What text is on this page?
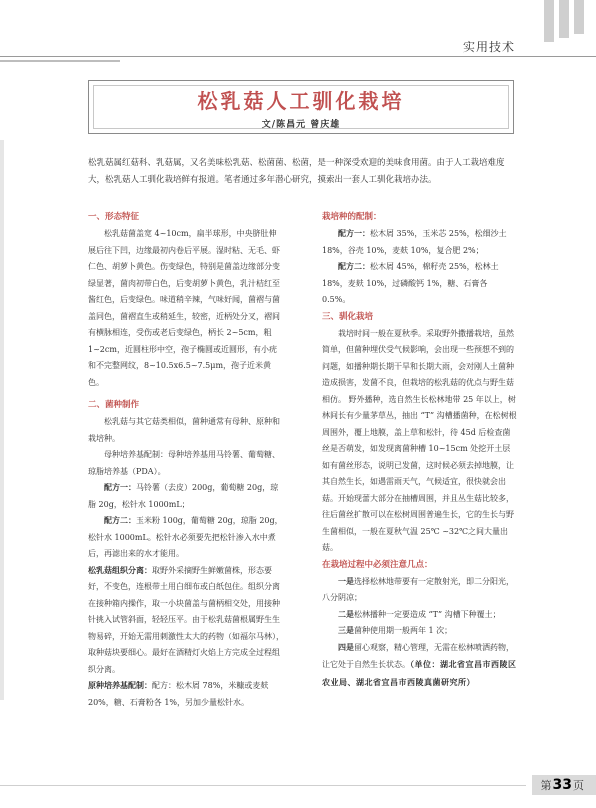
实用技术
松乳菇人工驯化栽培
文/陈昌元 曾庆雄
松乳菇属红菇科、乳菇属，又名美味松乳菇、松菌菌、松菌，是一种深受欢迎的美味食用菌。由于人工栽培难度大，松乳菇人工驯化栽培鲜有报道。笔者通过多年潜心研究，摸索出一套人工驯化栽培办法。

一、形态特征

松乳菇菌盖宽 4~10cm，扁半球形，中央脐肚伸展后往下凹，边缘最初内卷后平展。湿时粘、无毛、虾仁色、胡萝卜黄色。伤变绿色，特别是菌盖边缘部分变绿显著，菌肉初带白色，后变胡萝卜黄色，乳汁桔红至酱红色，后变绿色。味道稍辛辣，气味好闻，菌褶与菌盖同色，菌褶直生或稍延生，较密，近柄处分叉，褶间有横脉相连，受伤或老后变绿色，柄长 2~5cm，粗 1~2cm，近圆柱形中空，孢子椭圆或近圆形，有小疣和不完整网纹，8~10.5x6.5~7.5μm，孢子近米黄色。

二、菌种制作

松乳菇与其它菇类相似，菌种通常有母种、原种和栽培种。

母种培养基配制：母种培养基用马铃薯、葡萄糖、琼脂培养基（PDA）。

配方一：马铃薯（去皮）200g，葡萄糖 20g，琼脂 20g，松针水 1000mL；

配方二：玉米粉 100g，葡萄糖 20g，琼脂 20g，松针水 1000mL。松针水必须要先把松针渗入水中煮后，再滤出来的水才能用。

松乳菇组织分离：取野外采摘野生鲜嫩菌株，形态要好，不变色，连根带土用白细布或白纸包住。组织分离在接种箱内操作，取一小块菌盖与菌柄相交处，用接种针挑入试管斜面，轻轻压平。由于松乳菇菌根属野生生物易碎，开始无需用刺激性太大的药物（如福尔马林），取种菇块要细心。最好在酒精灯火焰上方完成全过程组织分离。

原种培养基配制：配方：松木屑 78%，米糠或麦麸 20%，糖、石膏粉各 1%，另加少量松针水。

栽培种的配制：

配方一：松木屑 35%，玉米芯 25%，松细沙土 18%，谷壳 10%，麦麸 10%，复合肥 2%；

配方二：松木屑 45%，棉籽壳 25%，松林土 18%，麦麸 10%，过磷酸钙 1%，糖、石膏各 0.5%。

三、驯化栽培

栽培时间一般在夏秋季。采取野外撒播栽培，虽然简单，但菌种埋伏受气候影响，会出现一些预想不到的问题，如播种期长期干旱和长期大雨，会对刚人土菌种造成损害，发菌不良，但栽培的松乳菇的优点与野生菇相仿。 野外播种，选自然生长松林地带 25 年以上，树林间长有少量茅草丛，抽出 “T” 沟槽播菌种，在松树根周围外，覆上地膜，盖上草和松针，待 45d 后检查菌丝是否萌发，如发现离菌种槽 10~15cm 处挖开土层如有菌丝形态，说明已发菌，这时候必须去掉地膜，让其自然生长，如遇雷雨天气，气候适宜，很快就会出菇。开始现蕾大部分在抽槽周围，并且丛生菇比较多，往后菌丝扩散可以在松树周围普遍生长，它的生长与野生菌相似，一般在夏秋气温 25℃ ~32℃之间大量出菇。

在栽培过程中必须注意几点：

一是选择松林地带要有一定散射光，即二分阳光，八分阴凉；

二是松林播种一定要造成 “T” 沟槽下种覆土；

三是菌种使用期一般两年 1 次；

四是留心观察，精心管理，无需在松林喷洒药物，让它处于自然生长状态。（单位：湖北省宜昌市西陵区农业局、湖北省宜昌市西陵真菌研究所）

第 33 页
